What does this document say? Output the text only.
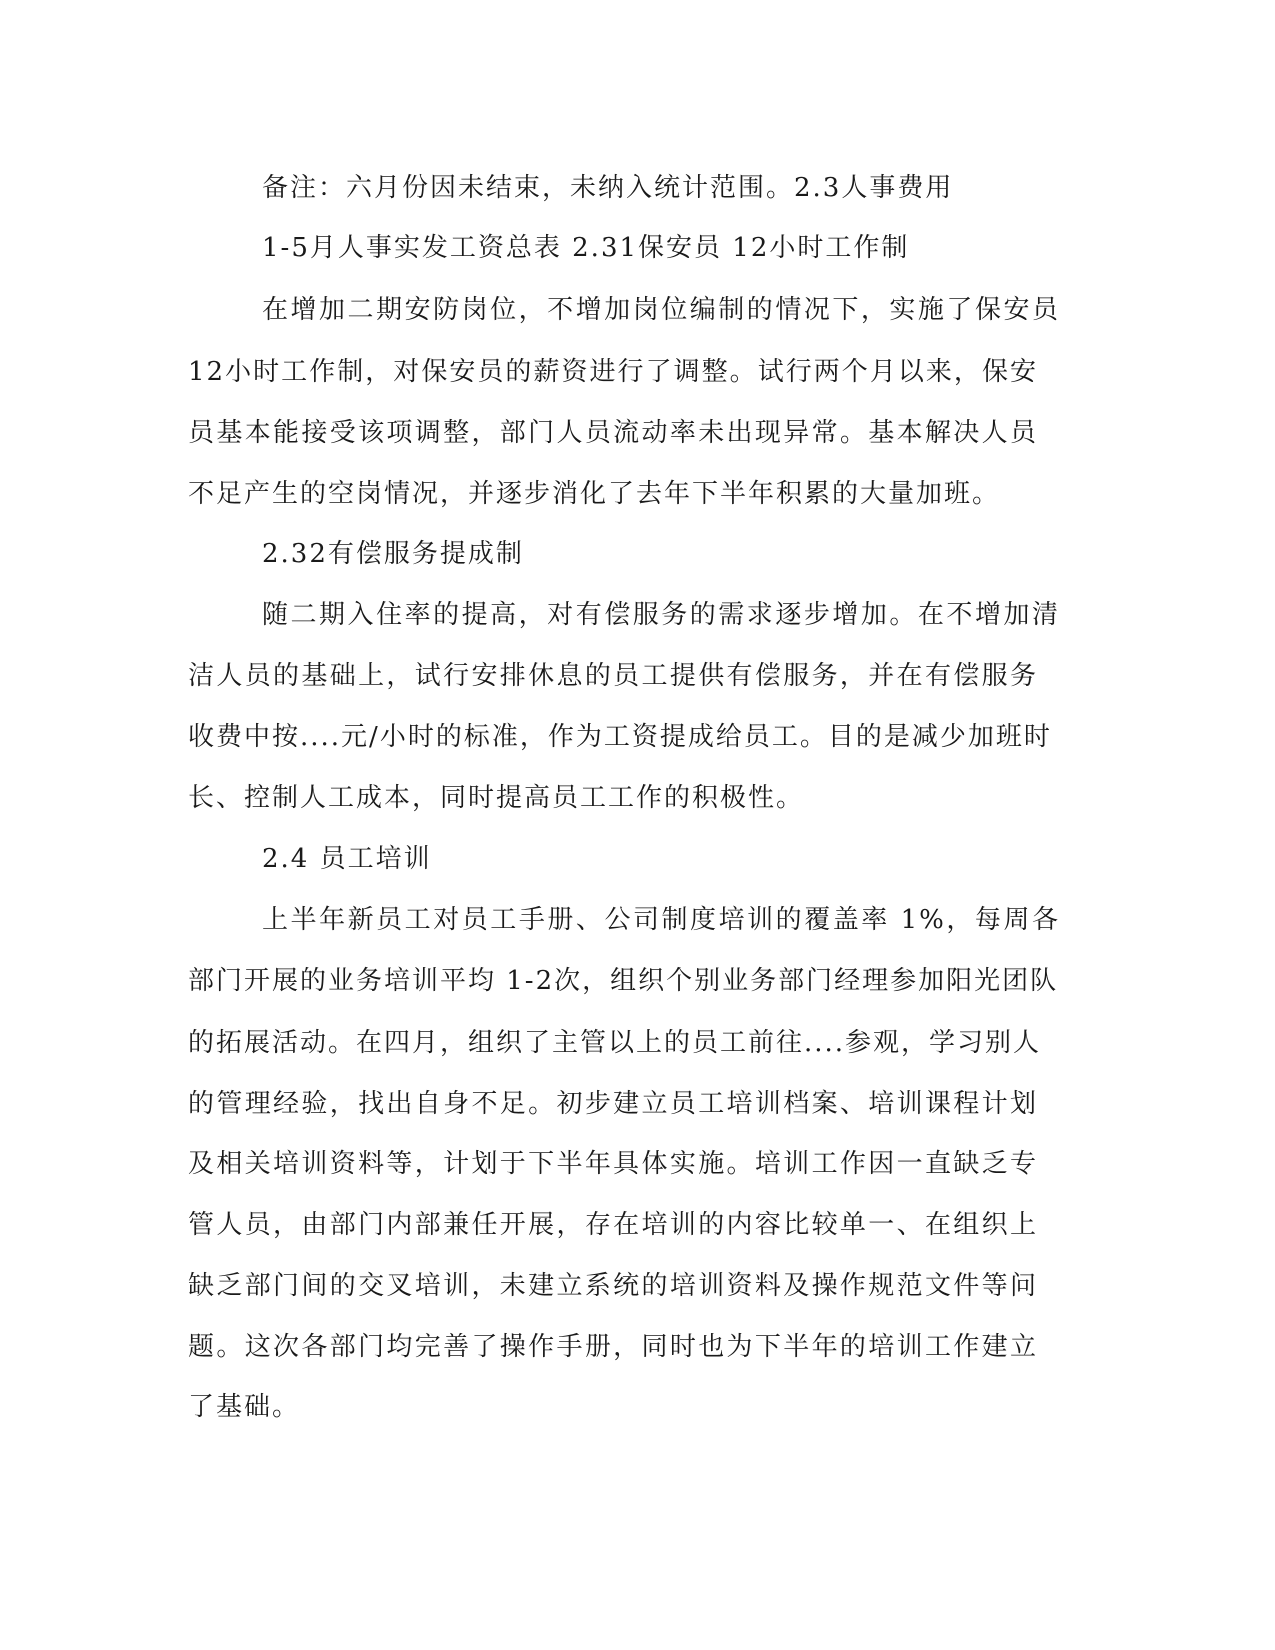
备注：六月份因未结束，未纳入统计范围。2.3人事费用
1-5月人事实发工资总表 2.31保安员 12小时工作制
在增加二期安防岗位，不增加岗位编制的情况下，实施了保安员
12小时工作制，对保安员的薪资进行了调整。试行两个月以来，保安
员基本能接受该项调整，部门人员流动率未出现异常。基本解决人员
不足产生的空岗情况，并逐步消化了去年下半年积累的大量加班。
2.32有偿服务提成制
随二期入住率的提高，对有偿服务的需求逐步增加。在不增加清
洁人员的基础上，试行安排休息的员工提供有偿服务，并在有偿服务
收费中按....元/小时的标准，作为工资提成给员工。目的是减少加班时
长、控制人工成本，同时提高员工工作的积极性。
2.4 员工培训
上半年新员工对员工手册、公司制度培训的覆盖率 1%，每周各
部门开展的业务培训平均 1-2次，组织个别业务部门经理参加阳光团队
的拓展活动。在四月，组织了主管以上的员工前往....参观，学习别人
的管理经验，找出自身不足。初步建立员工培训档案、培训课程计划
及相关培训资料等，计划于下半年具体实施。培训工作因一直缺乏专
管人员，由部门内部兼任开展，存在培训的内容比较单一、在组织上
缺乏部门间的交叉培训，未建立系统的培训资料及操作规范文件等问
题。这次各部门均完善了操作手册，同时也为下半年的培训工作建立
了基础。
